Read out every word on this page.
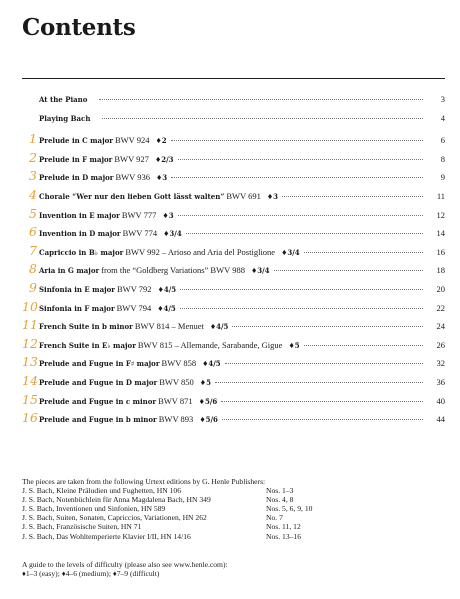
Contents
At the Piano	3
Playing Bach	4
1 Prelude in C major BWV 924 ♦2	6
2 Prelude in F major BWV 927 ♦2/3	8
3 Prelude in D major BWV 936 ♦3	9
4 Chorale “Wer nur den lieben Gott lässt walten” BWV 691 ♦3	11
5 Invention in E major BWV 777 ♦3	12
6 Invention in D major BWV 774 ♦3/4	14
7 Capriccio in B♭ major BWV 992 – Arioso and Aria del Postiglione ♦3/4	16
8 Aria in G major from the “Goldberg Variations” BWV 988 ♦3/4	18
9 Sinfonia in E major BWV 792 ♦4/5	20
10 Sinfonia in F major BWV 794 ♦4/5	22
11 French Suite in b minor BWV 814 – Menuet ♦4/5	24
12 French Suite in E♭ major BWV 815 – Allemande, Sarabande, Gigue ♦5	26
13 Prelude and Fugue in F♯ major BWV 858 ♦4/5	32
14 Prelude and Fugue in D major BWV 850 ♦5	36
15 Prelude and Fugue in c minor BWV 871 ♦5/6	40
16 Prelude and Fugue in b minor BWV 893 ♦5/6	44
The pieces are taken from the following Urtext editions by G. Henle Publishers:
J. S. Bach, Kleine Präludien und Fughetten, HN 106	Nos. 1–3
J. S. Bach, Notenbüchlein für Anna Magdalena Bach, HN 349	Nos. 4, 8
J. S. Bach, Inventionen und Sinfonien, HN 589	Nos. 5, 6, 9, 10
J. S. Bach, Suiten, Sonaten, Capriccios, Variationen, HN 262	No. 7
J. S. Bach, Französische Suiten, HN 71	Nos. 11, 12
J. S. Bach, Das Wohltemperierte Klavier I/II, HN 14/16	Nos. 13–16
A guide to the levels of difficulty (please also see www.henle.com):
♦1–3 (easy); ♦4–6 (medium); ♦7–9 (difficult)
